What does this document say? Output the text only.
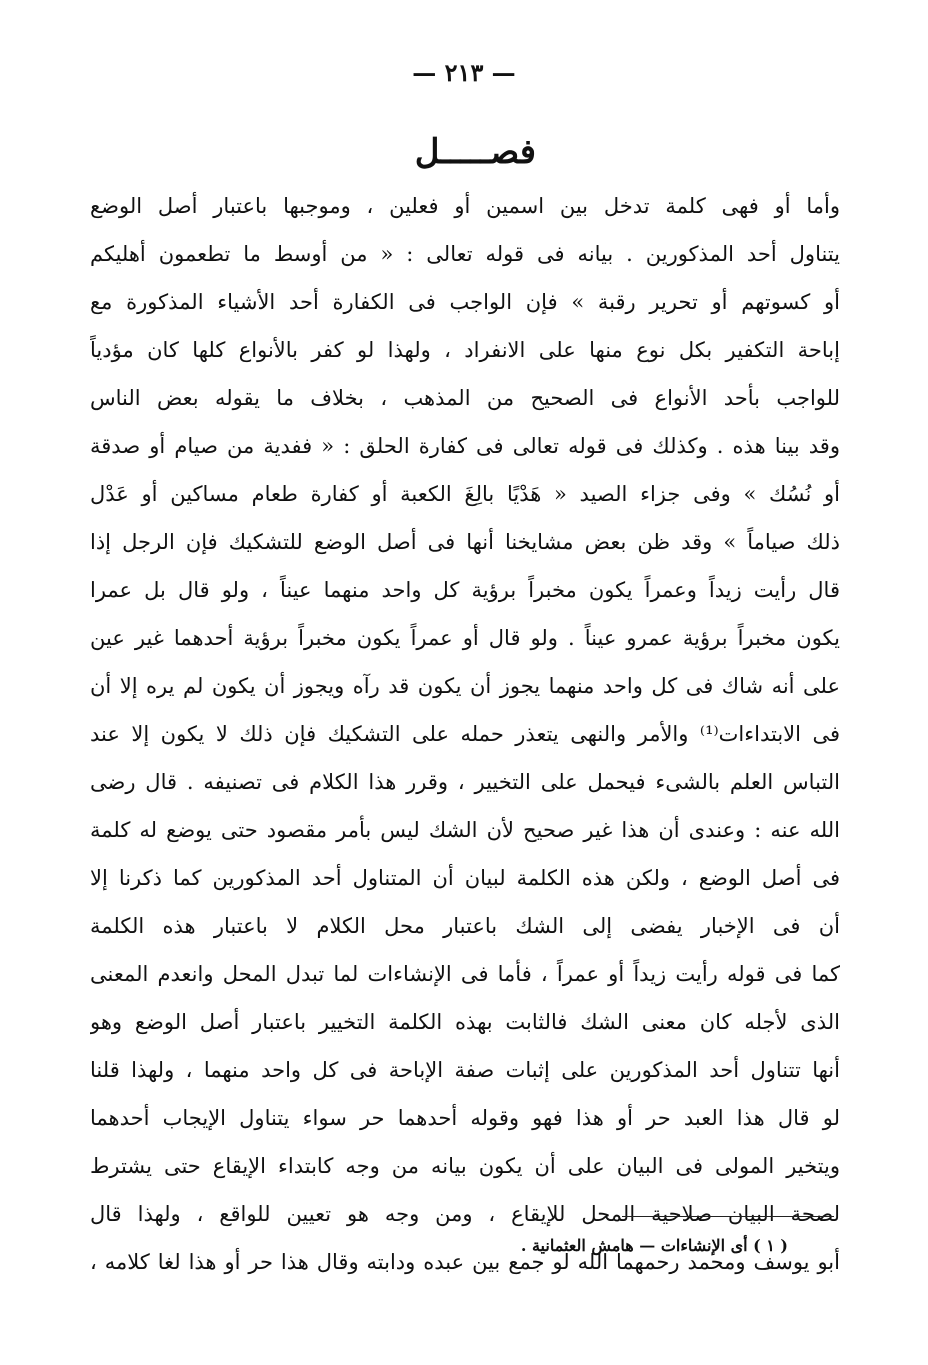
— ٢١٣ —
فصـــــل
وأما أو فهى كلمة تدخل بين اسمين أو فعلين ، وموجبها باعتبار أصل الوضع
يتناول أحد المذكورين . بيانه فى قوله تعالى : « من أوسط ما تطعمون أهليكم
أو كسوتهم أو تحرير رقبة » فإن الواجب فى الكفارة أحد الأشياء المذكورة مع
إباحة التكفير بكل نوع منها على الانفراد ، ولهذا لو كفر بالأنواع كلها كان مؤدياً
للواجب بأحد الأنواع فى الصحيح من المذهب ، بخلاف ما يقوله بعض الناس
وقد بينا هذه . وكذلك فى قوله تعالى فى كفارة الحلق : « ففدية من صيام أو صدقة
أو نُسُك » وفى جزاء الصيد « هَدْيًا بالِغَ الكعبة أو كفارة طعام مساكين أو عَدْل
ذلك صياماً » وقد ظن بعض مشايخنا أنها فى أصل الوضع للتشكيك فإن الرجل إذا
قال رأيت زيداً وعمراً يكون مخبراً برؤية كل واحد منهما عيناً ، ولو قال بل عمرا
يكون مخبراً برؤية عمرو عيناً . ولو قال أو عمراً يكون مخبراً برؤية أحدهما غير عين
على أنه شاك فى كل واحد منهما يجوز أن يكون قد رآه ويجوز أن يكون لم يره إلا أن
فى الابتداءات⁽¹⁾ والأمر والنهى يتعذر حمله على التشكيك فإن ذلك لا يكون إلا عند
التباس العلم بالشىء فيحمل على التخيير ، وقرر هذا الكلام فى تصنيفه . قال رضى
الله عنه : وعندى أن هذا غير صحيح لأن الشك ليس بأمر مقصود حتى يوضع له كلمة
فى أصل الوضع ، ولكن هذه الكلمة لبيان أن المتناول أحد المذكورين كما ذكرنا إلا
أن فى الإخبار يفضى إلى الشك باعتبار محل الكلام لا باعتبار هذه الكلمة
كما فى قوله رأيت زيداً أو عمراً ، فأما فى الإنشاءات لما تبدل المحل وانعدم المعنى
الذى لأجله كان معنى الشك فالثابت بهذه الكلمة التخيير باعتبار أصل الوضع وهو
أنها تتناول أحد المذكورين على إثبات صفة الإباحة فى كل واحد منهما ، ولهذا قلنا
لو قال هذا العبد حر أو هذا فهو وقوله أحدهما حر سواء يتناول الإيجاب أحدهما
ويتخير المولى فى البيان على أن يكون بيانه من وجه كابتداء الإيقاع حتى يشترط
لصحة البيان صلاحية المحل للإيقاع ، ومن وجه هو تعيين للواقع ، ولهذا قال
أبو يوسف ومحمد رحمهما الله لو جمع بين عبده ودابته وقال هذا حر أو هذا لغا كلامه ،
( ١ ) أى الإنشاءات — هامش العثمانية .
